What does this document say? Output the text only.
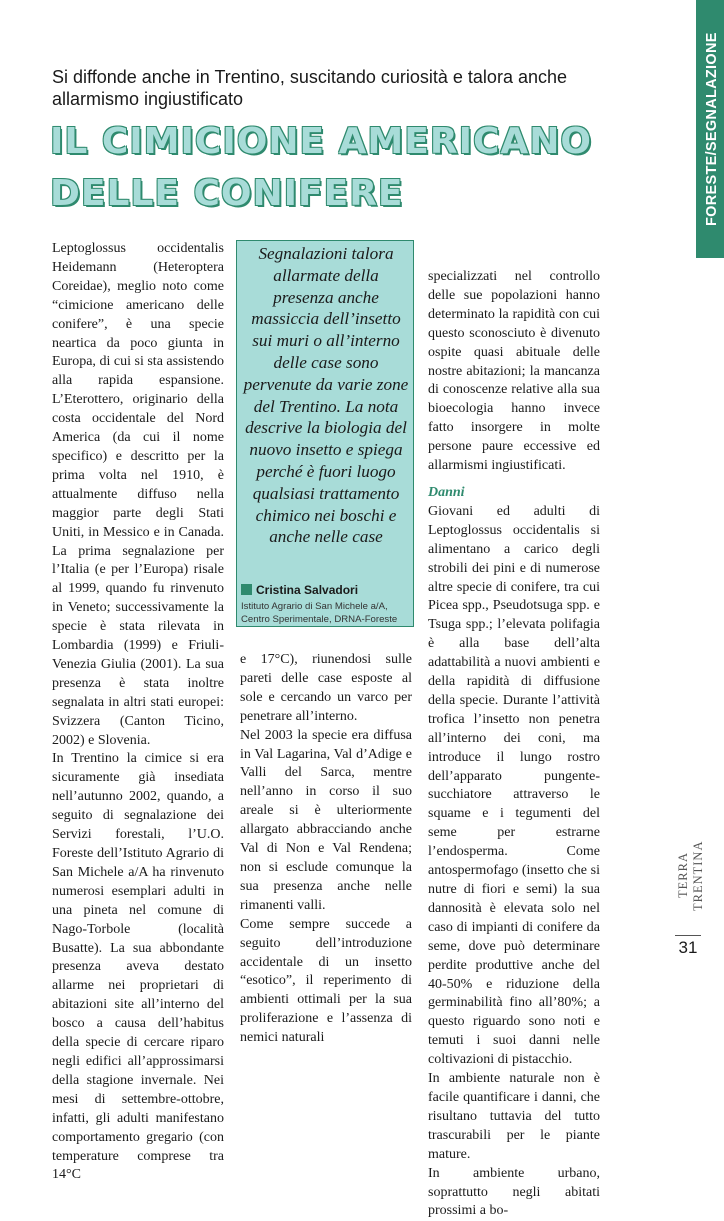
FORESTE/SEGNALAZIONE
Si diffonde anche in Trentino, suscitando curiosità e talora anche allarmismo ingiustificato
IL CIMICIONE AMERICANO
DELLE CONIFERE

Leptoglossus occidentalis Heidemann (Heteroptera Coreidae), meglio noto come “cimicione americano delle conifere”, è una specie neartica da poco giunta in Europa, di cui si sta assistendo alla rapida espansione. L’Eterottero, originario della costa occidentale del Nord America (da cui il nome specifico) e descritto per la prima volta nel 1910, è attualmente diffuso nella maggior parte degli Stati Uniti, in Messico e in Canada. La prima segnalazione per l’Italia (e per l’Europa) risale al 1999, quando fu rinvenuto in Veneto; successivamente la specie è stata rilevata in Lombardia (1999) e Friuli-Venezia Giulia (2001). La sua presenza è stata inoltre segnalata in altri stati europei: Svizzera (Canton Ticino, 2002) e Slovenia.

In Trentino la cimice si era sicuramente già insediata nell’autunno 2002, quando, a seguito di segnalazione dei Servizi forestali, l’U.O. Foreste dell’Istituto Agrario di San Michele a/A ha rinvenuto numerosi esemplari adulti in una pineta nel comune di Nago-Torbole (località Busatte). La sua abbondante presenza aveva destato allarme nei proprietari di abitazioni site all’interno del bosco a causa dell’habitus della specie di cercare riparo negli edifici all’approssimarsi della stagione invernale. Nei mesi di settembre-ottobre, infatti, gli adulti manifestano comportamento gregario (con temperature comprese tra 14°C

Segnalazioni talora allarmate della presenza anche massiccia dell’insetto sui muri o all’interno delle case sono pervenute da varie zone del Trentino. La nota descrive la biologia del nuovo insetto e spiega perché è fuori luogo qualsiasi trattamento chimico nei boschi e anche nelle case
Cristina Salvadori
Istituto Agrario di San Michele a/A, Centro Sperimentale, DRNA-Foreste

e 17°C), riunendosi sulle pareti delle case esposte al sole e cercando un varco per penetrare all’interno.

Nel 2003 la specie era diffusa in Val Lagarina, Val d’Adige e Valli del Sarca, mentre nell’anno in corso il suo areale si è ulteriormente allargato abbracciando anche Val di Non e Val Rendena; non si esclude comunque la sua presenza anche nelle rimanenti valli.

Come sempre succede a seguito dell’introduzione accidentale di un insetto “esotico”, il reperimento di ambienti ottimali per la sua proliferazione e l’assenza di nemici naturali

specializzati nel controllo delle sue popolazioni hanno determinato la rapidità con cui questo sconosciuto è divenuto ospite quasi abituale delle nostre abitazioni; la mancanza di conoscenze relative alla sua bioecologia hanno invece fatto insorgere in molte persone paure eccessive ed allarmismi ingiustificati.

Danni

Giovani ed adulti di Leptoglossus occidentalis si alimentano a carico degli strobili dei pini e di numerose altre specie di conifere, tra cui Picea spp., Pseudotsuga spp. e Tsuga spp.; l’elevata polifagia è alla base dell’alta adattabilità a nuovi ambienti e della rapidità di diffusione della specie. Durante l’attività trofica l’insetto non penetra all’interno dei coni, ma introduce il lungo rostro dell’apparato pungente-succhiatore attraverso le squame e i tegumenti del seme per estrarne l’endosperma. Come antospermofago (insetto che si nutre di fiori e semi) la sua dannosità è elevata solo nel caso di impianti di conifere da seme, dove può determinare perdite produttive anche del 40-50% e riduzione della germinabilità fino all’80%; a questo riguardo sono noti e temuti i suoi danni nelle coltivazioni di pistacchio.

In ambiente naturale non è facile quantificare i danni, che risultano tuttavia del tutto trascurabili per le piante mature.

In ambiente urbano, soprattutto negli abitati prossimi a bo-

TERRA TRENTINA
31
